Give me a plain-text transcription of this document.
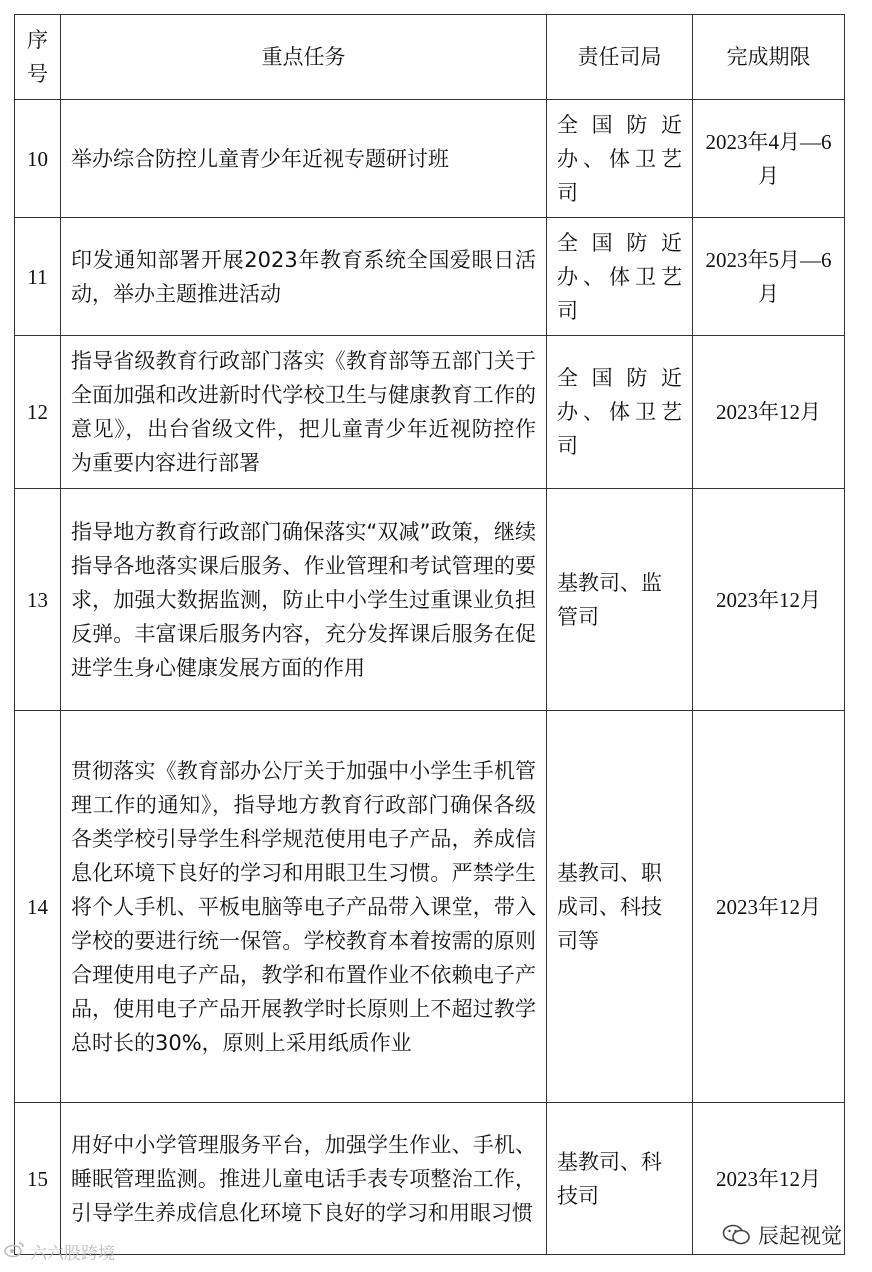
序号	重点任务	责任司局	完成期限
10	举办综合防控儿童青少年近视专题研讨班	全国防近办、体卫艺司	2023年4月—6月
11	印发通知部署开展2023年教育系统全国爱眼日活动，举办主题推进活动	全国防近办、体卫艺司	2023年5月—6月
12	指导省级教育行政部门落实《教育部等五部门关于全面加强和改进新时代学校卫生与健康教育工作的意见》，出台省级文件，把儿童青少年近视防控作为重要内容进行部署	全国防近办、体卫艺司	2023年12月
13	指导地方教育行政部门确保落实“双减”政策，继续指导各地落实课后服务、作业管理和考试管理的要求，加强大数据监测，防止中小学生过重课业负担反弹。丰富课后服务内容，充分发挥课后服务在促进学生身心健康发展方面的作用	基教司、监管司	2023年12月
14	贯彻落实《教育部办公厅关于加强中小学生手机管理工作的通知》，指导地方教育行政部门确保各级各类学校引导学生科学规范使用电子产品，养成信息化环境下良好的学习和用眼卫生习惯。严禁学生将个人手机、平板电脑等电子产品带入课堂，带入学校的要进行统一保管。学校教育本着按需的原则合理使用电子产品，教学和布置作业不依赖电子产品，使用电子产品开展教学时长原则上不超过教学总时长的30%，原则上采用纸质作业	基教司、职成司、科技司等	2023年12月
15	用好中小学管理服务平台，加强学生作业、手机、睡眠管理监测。推进儿童电话手表专项整治工作，引导学生养成信息化环境下良好的学习和用眼习惯	基教司、科技司	2023年12月
六六股跨境
辰起视觉
